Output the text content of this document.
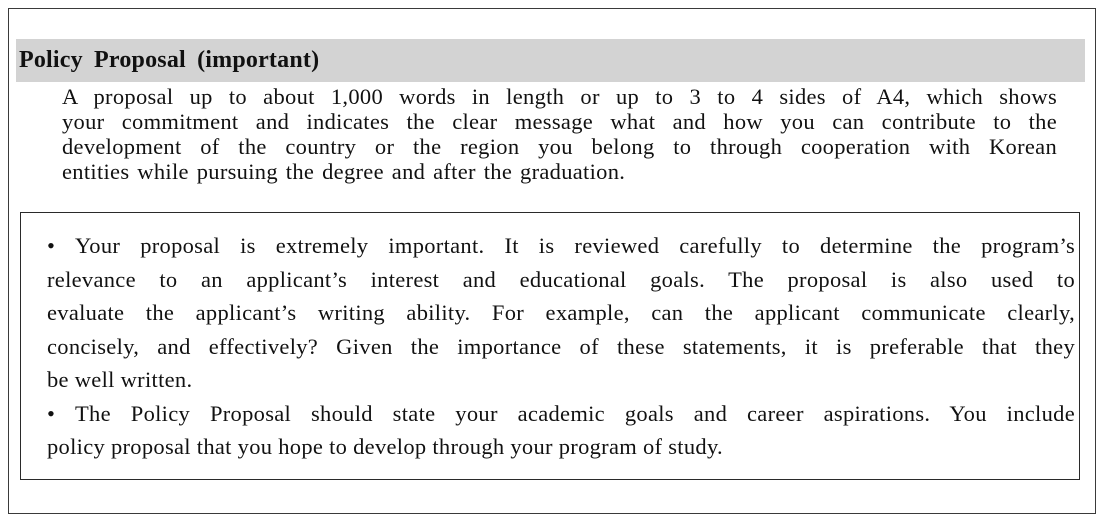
Policy Proposal (important)
A proposal up to about 1,000 words in length or up to 3 to 4 sides of A4, which shows
your commitment and indicates the clear message what and how you can contribute to the
development of the country or the region you belong to through cooperation with Korean
entities while pursuing the degree and after the graduation.
• Your proposal is extremely important. It is reviewed carefully to determine the program’s
relevance to an applicant’s interest and educational goals. The proposal is also used to
evaluate the applicant’s writing ability. For example, can the applicant communicate clearly,
concisely, and effectively? Given the importance of these statements, it is preferable that they
be well written.
• The Policy Proposal should state your academic goals and career aspirations. You include
policy proposal that you hope to develop through your program of study.
